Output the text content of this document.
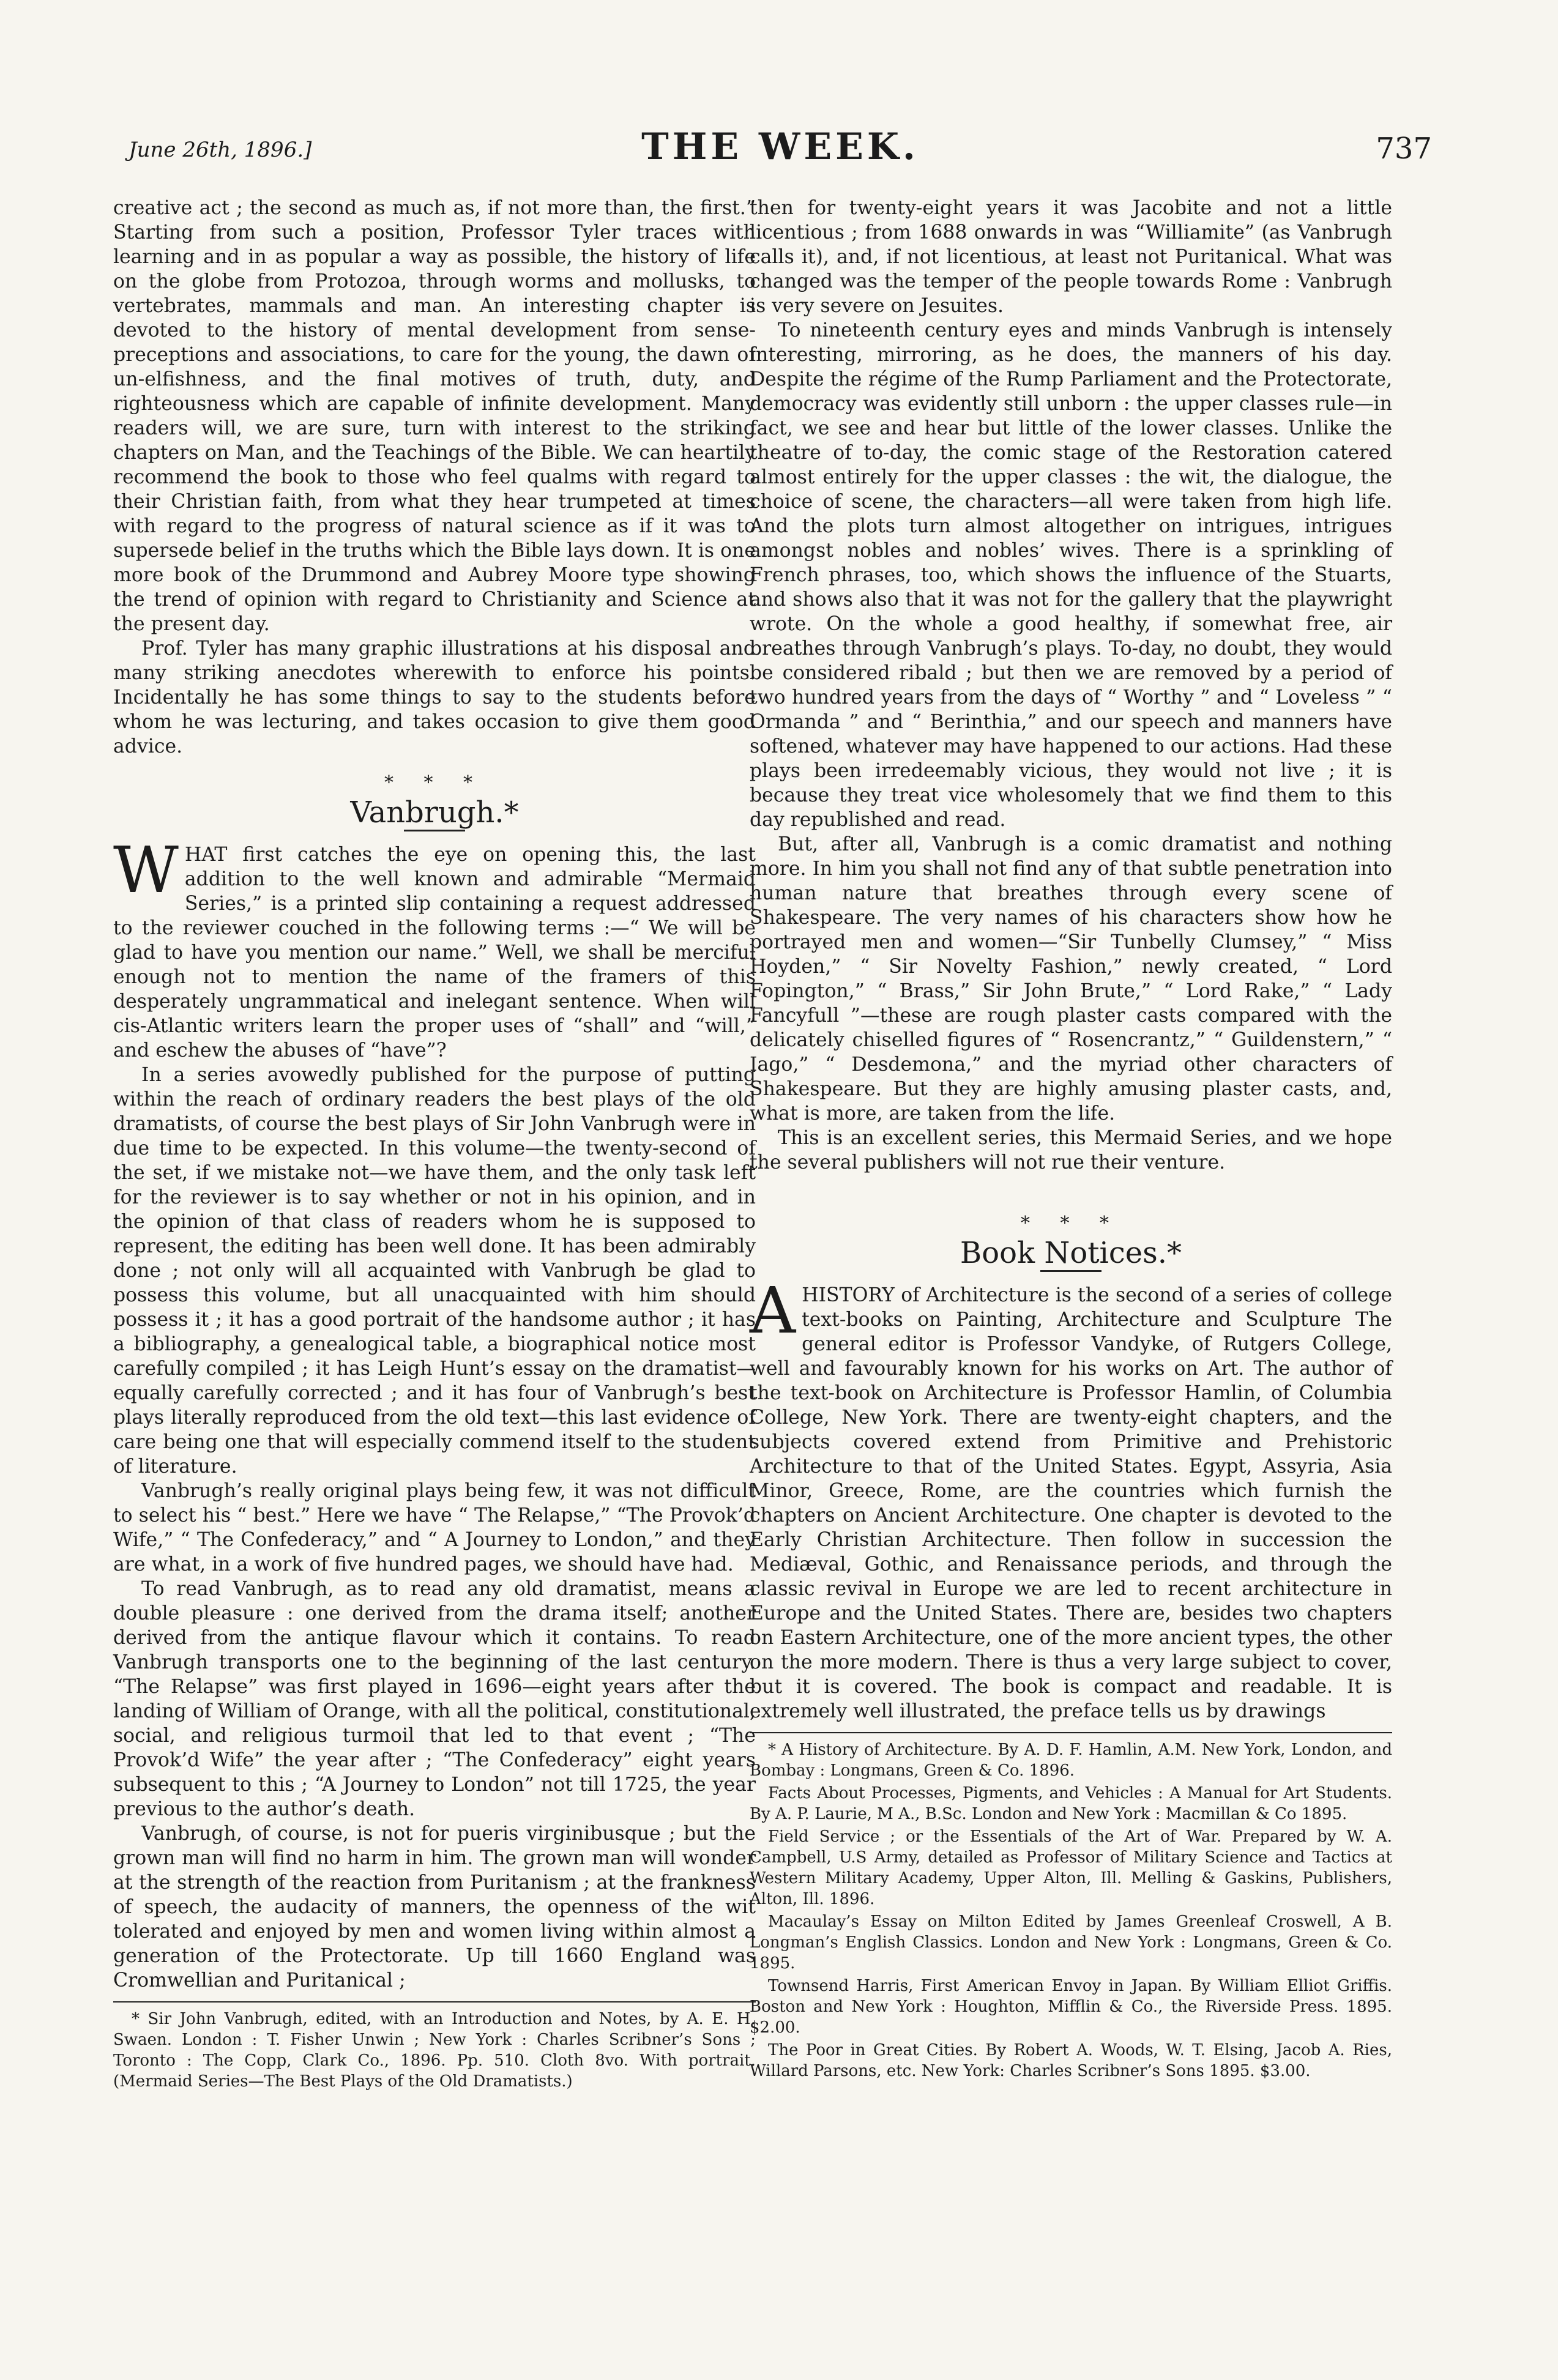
June 26th, 1896.]	THE WEEK.	737

creative act ; the second as much as, if not more than, the first.” Starting from such a position, Professor Tyler traces with learning and in as popular a way as possible, the history of life on the globe from Protozoa, through worms and mollusks, to vertebrates, mammals and man. An interesting chapter is devoted to the history of mental development from sense-preceptions and associations, to care for the young, the dawn of un-elfishness, and the final motives of truth, duty, and righteousness which are capable of infinite development. Many readers will, we are sure, turn with interest to the striking chapters on Man, and the Teachings of the Bible. We can heartily recommend the book to those who feel qualms with regard to their Christian faith, from what they hear trumpeted at times with regard to the progress of natural science as if it was to supersede belief in the truths which the Bible lays down. It is one more book of the Drummond and Aubrey Moore type showing the trend of opinion with regard to Christianity and Science at the present day.

Prof. Tyler has many graphic illustrations at his disposal and many striking anecdotes wherewith to enforce his points. Incidentally he has some things to say to the students before whom he was lecturing, and takes occasion to give them good advice.

* * *
Vanbrugh.*

WHAT first catches the eye on opening this, the last addition to the well known and admirable “Mermaid Series,” is a printed slip containing a request addressed to the reviewer couched in the following terms :—“ We will be glad to have you mention our name.” Well, we shall be merciful enough not to mention the name of the framers of this desperately ungrammatical and inelegant sentence. When will cis-Atlantic writers learn the proper uses of “shall” and “will,” and eschew the abuses of “have”?

In a series avowedly published for the purpose of putting within the reach of ordinary readers the best plays of the old dramatists, of course the best plays of Sir John Vanbrugh were in due time to be expected. In this volume—the twenty-second of the set, if we mistake not—we have them, and the only task left for the reviewer is to say whether or not in his opinion, and in the opinion of that class of readers whom he is supposed to represent, the editing has been well done. It has been admirably done ; not only will all acquainted with Vanbrugh be glad to possess this volume, but all unacquainted with him should possess it ; it has a good portrait of the handsome author ; it has a bibliography, a genealogical table, a biographical notice most carefully compiled ; it has Leigh Hunt’s essay on the dramatist—equally carefully corrected ; and it has four of Vanbrugh’s best plays literally reproduced from the old text—this last evidence of care being one that will especially commend itself to the student of literature.

Vanbrugh’s really original plays being few, it was not difficult to select his “ best.” Here we have “ The Relapse,” “The Provok’d Wife,” “ The Confederacy,” and “ A Journey to London,” and they are what, in a work of five hundred pages, we should have had.

To read Vanbrugh, as to read any old dramatist, means a double pleasure : one derived from the drama itself; another derived from the antique flavour which it contains. To read Vanbrugh transports one to the beginning of the last century. “The Relapse” was first played in 1696—eight years after the landing of William of Orange, with all the political, constitutional, social, and religious turmoil that led to that event ; “The Provok’d Wife” the year after ; “The Confederacy” eight years subsequent to this ; “A Journey to London” not till 1725, the year previous to the author’s death.

Vanbrugh, of course, is not for pueris virginibusque ; but the grown man will find no harm in him. The grown man will wonder at the strength of the reaction from Puritanism ; at the frankness of speech, the audacity of manners, the openness of the wit tolerated and enjoyed by men and women living within almost a generation of the Protectorate. Up till 1660 England was Cromwellian and Puritanical ;

* Sir John Vanbrugh, edited, with an Introduction and Notes, by A. E. H. Swaen. London : T. Fisher Unwin ; New York : Charles Scribner’s Sons ; Toronto : The Copp, Clark Co., 1896. Pp. 510. Cloth 8vo. With portrait. (Mermaid Series—The Best Plays of the Old Dramatists.)

then for twenty-eight years it was Jacobite and not a little licentious ; from 1688 onwards in was “Williamite” (as Vanbrugh calls it), and, if not licentious, at least not Puritanical. What was changed was the temper of the people towards Rome : Vanbrugh is very severe on Jesuites.

To nineteenth century eyes and minds Vanbrugh is intensely interesting, mirroring, as he does, the manners of his day. Despite the régime of the Rump Parliament and the Protectorate, democracy was evidently still unborn : the upper classes rule—in fact, we see and hear but little of the lower classes. Unlike the theatre of to-day, the comic stage of the Restoration catered almost entirely for the upper classes : the wit, the dialogue, the choice of scene, the characters—all were taken from high life. And the plots turn almost altogether on intrigues, intrigues amongst nobles and nobles’ wives. There is a sprinkling of French phrases, too, which shows the influence of the Stuarts, and shows also that it was not for the gallery that the playwright wrote. On the whole a good healthy, if somewhat free, air breathes through Vanbrugh’s plays. To-day, no doubt, they would be considered ribald ; but then we are removed by a period of two hundred years from the days of “ Worthy ” and “ Loveless ” “ Ormanda ” and “ Berinthia,” and our speech and manners have softened, whatever may have happened to our actions. Had these plays been irredeemably vicious, they would not live ; it is because they treat vice wholesomely that we find them to this day republished and read.

But, after all, Vanbrugh is a comic dramatist and nothing more. In him you shall not find any of that subtle penetration into human nature that breathes through every scene of Shakespeare. The very names of his characters show how he portrayed men and women—“Sir Tunbelly Clumsey,” “ Miss Hoyden,” “ Sir Novelty Fashion,” newly created, “ Lord Fopington,” “ Brass,” Sir John Brute,” “ Lord Rake,” “ Lady Fancyfull ”—these are rough plaster casts compared with the delicately chiselled figures of “ Rosencrantz,” “ Guildenstern,” “ Iago,” “ Desdemona,” and the myriad other characters of Shakespeare. But they are highly amusing plaster casts, and, what is more, are taken from the life.

This is an excellent series, this Mermaid Series, and we hope the several publishers will not rue their venture.

* * *
Book Notices.*

AHISTORY of Architecture is the second of a series of college text-books on Painting, Architecture and Sculpture The general editor is Professor Vandyke, of Rutgers College, well and favourably known for his works on Art. The author of the text-book on Architecture is Professor Hamlin, of Columbia College, New York. There are twenty-eight chapters, and the subjects covered extend from Primitive and Prehistoric Architecture to that of the United States. Egypt, Assyria, Asia Minor, Greece, Rome, are the countries which furnish the chapters on Ancient Architecture. One chapter is devoted to the Early Christian Architecture. Then follow in succession the Mediæval, Gothic, and Renaissance periods, and through the classic revival in Europe we are led to recent architecture in Europe and the United States. There are, besides two chapters on Eastern Architecture, one of the more ancient types, the other on the more modern. There is thus a very large subject to cover, but it is covered. The book is compact and readable. It is extremely well illustrated, the preface tells us by drawings

* A History of Architecture. By A. D. F. Hamlin, A.M. New York, London, and Bombay : Longmans, Green & Co. 1896.

Facts About Processes, Pigments, and Vehicles : A Manual for Art Students. By A. P. Laurie, M A., B.Sc. London and New York : Macmillan & Co 1895.

Field Service ; or the Essentials of the Art of War. Prepared by W. A. Campbell, U.S Army, detailed as Professor of Military Science and Tactics at Western Military Academy, Upper Alton, Ill. Melling & Gaskins, Publishers, Alton, Ill. 1896.

Macaulay’s Essay on Milton Edited by James Greenleaf Croswell, A B. Longman’s English Classics. London and New York : Longmans, Green & Co. 1895.

Townsend Harris, First American Envoy in Japan. By William Elliot Griffis. Boston and New York : Houghton, Mifflin & Co., the Riverside Press. 1895. $2.00.

The Poor in Great Cities. By Robert A. Woods, W. T. Elsing, Jacob A. Ries, Willard Parsons, etc. New York: Charles Scribner’s Sons 1895. $3.00.
